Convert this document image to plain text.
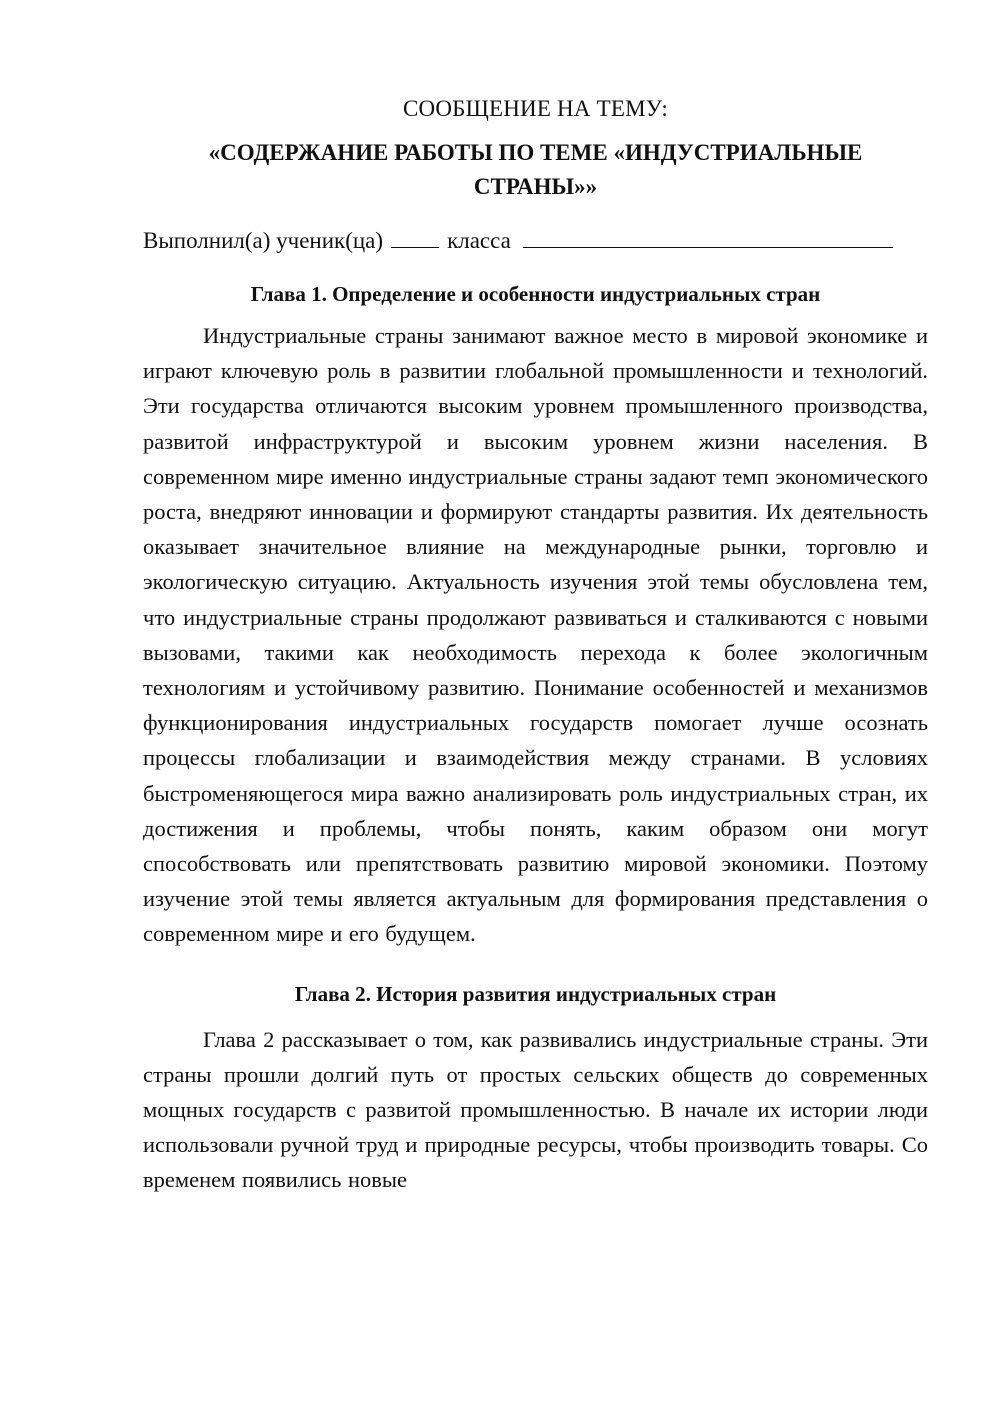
СООБЩЕНИЕ НА ТЕМУ:
«СОДЕРЖАНИЕ РАБОТЫ ПО ТЕМЕ «ИНДУСТРИАЛЬНЫЕ СТРАНЫ»»
Выполнил(а) ученик(ца)	класса
Глава 1. Определение и особенности индустриальных стран

Индустриальные страны занимают важное место в мировой экономике и играют ключевую роль в развитии глобальной промышленности и технологий. Эти государства отличаются высоким уровнем промышленного производства, развитой инфраструктурой и высоким уровнем жизни населения. В современном мире именно индустриальные страны задают темп экономического роста, внедряют инновации и формируют стандарты развития. Их деятельность оказывает значительное влияние на международные рынки, торговлю и экологическую ситуацию. Актуальность изучения этой темы обусловлена тем, что индустриальные страны продолжают развиваться и сталкиваются с новыми вызовами, такими как необходимость перехода к более экологичным технологиям и устойчивому развитию. Понимание особенностей и механизмов функционирования индустриальных государств помогает лучше осознать процессы глобализации и взаимодействия между странами. В условиях быстроменяющегося мира важно анализировать роль индустриальных стран, их достижения и проблемы, чтобы понять, каким образом они могут способствовать или препятствовать развитию мировой экономики. Поэтому изучение этой темы является актуальным для формирования представления о современном мире и его будущем.

Глава 2. История развития индустриальных стран

Глава 2 рассказывает о том, как развивались индустриальные страны. Эти страны прошли долгий путь от простых сельских обществ до современных мощных государств с развитой промышленностью. В начале их истории люди использовали ручной труд и природные ресурсы, чтобы производить товары. Со временем появились новые
